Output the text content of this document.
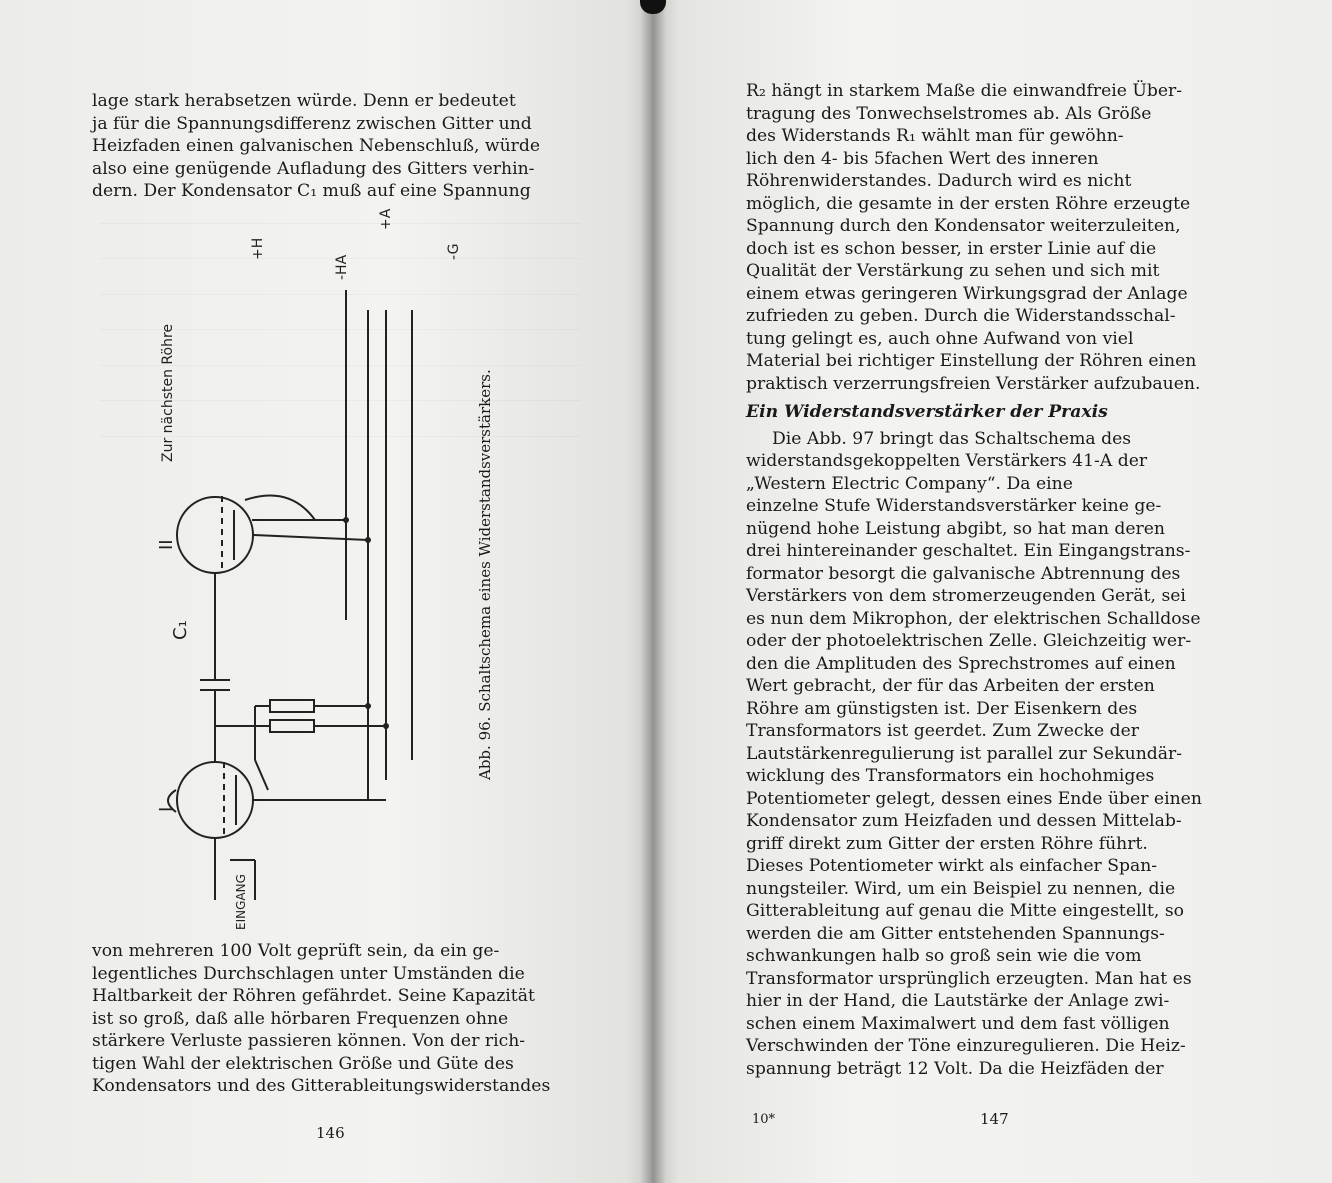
lage stark herabsetzen würde. Denn er bedeutet

ja für die Spannungsdifferenz zwischen Gitter und

Heizfaden einen galvanischen Nebenschluß, würde

also eine genügende Aufladung des Gitters verhin-

dern. Der Kondensator C₁ muß auf eine Spannung

Zur nächsten Röhre
+H
-HA
+A
-G
C₁
II
I
EINGANG
Abb. 96. Schaltschema eines Widerstandsverstärkers.

von mehreren 100 Volt geprüft sein, da ein ge-

legentliches Durchschlagen unter Umständen die

Haltbarkeit der Röhren gefährdet. Seine Kapazität

ist so groß, daß alle hörbaren Frequenzen ohne

stärkere Verluste passieren können. Von der rich-

tigen Wahl der elektrischen Größe und Güte des

Kondensators und des Gitterableitungswiderstandes

146

R₂ hängt in starkem Maße die einwandfreie Über-

tragung des Tonwechselstromes ab. Als Größe

des Widerstands R₁ wählt man für gewöhn-

lich den 4- bis 5fachen Wert des inneren

Röhrenwiderstandes. Dadurch wird es nicht

möglich, die gesamte in der ersten Röhre erzeugte

Spannung durch den Kondensator weiterzuleiten,

doch ist es schon besser, in erster Linie auf die

Qualität der Verstärkung zu sehen und sich mit

einem etwas geringeren Wirkungsgrad der Anlage

zufrieden zu geben. Durch die Widerstandsschal-

tung gelingt es, auch ohne Aufwand von viel

Material bei richtiger Einstellung der Röhren einen

praktisch verzerrungsfreien Verstärker aufzubauen.

Ein Widerstandsverstärker der Praxis

Die Abb. 97 bringt das Schaltschema des

widerstandsgekoppelten Verstärkers 41-A der

„Western Electric Company“. Da eine

einzelne Stufe Widerstandsverstärker keine ge-

nügend hohe Leistung abgibt, so hat man deren

drei hintereinander geschaltet. Ein Eingangstrans-

formator besorgt die galvanische Abtrennung des

Verstärkers von dem stromerzeugenden Gerät, sei

es nun dem Mikrophon, der elektrischen Schalldose

oder der photoelektrischen Zelle. Gleichzeitig wer-

den die Amplituden des Sprechstromes auf einen

Wert gebracht, der für das Arbeiten der ersten

Röhre am günstigsten ist. Der Eisenkern des

Transformators ist geerdet. Zum Zwecke der

Lautstärkenregulierung ist parallel zur Sekundär-

wicklung des Transformators ein hochohmiges

Potentiometer gelegt, dessen eines Ende über einen

Kondensator zum Heizfaden und dessen Mittelab-

griff direkt zum Gitter der ersten Röhre führt.

Dieses Potentiometer wirkt als einfacher Span-

nungsteiler. Wird, um ein Beispiel zu nennen, die

Gitterableitung auf genau die Mitte eingestellt, so

werden die am Gitter entstehenden Spannungs-

schwankungen halb so groß sein wie die vom

Transformator ursprünglich erzeugten. Man hat es

hier in der Hand, die Lautstärke der Anlage zwi-

schen einem Maximalwert und dem fast völligen

Verschwinden der Töne einzuregulieren. Die Heiz-

spannung beträgt 12 Volt. Da die Heizfäden der

10*	147
